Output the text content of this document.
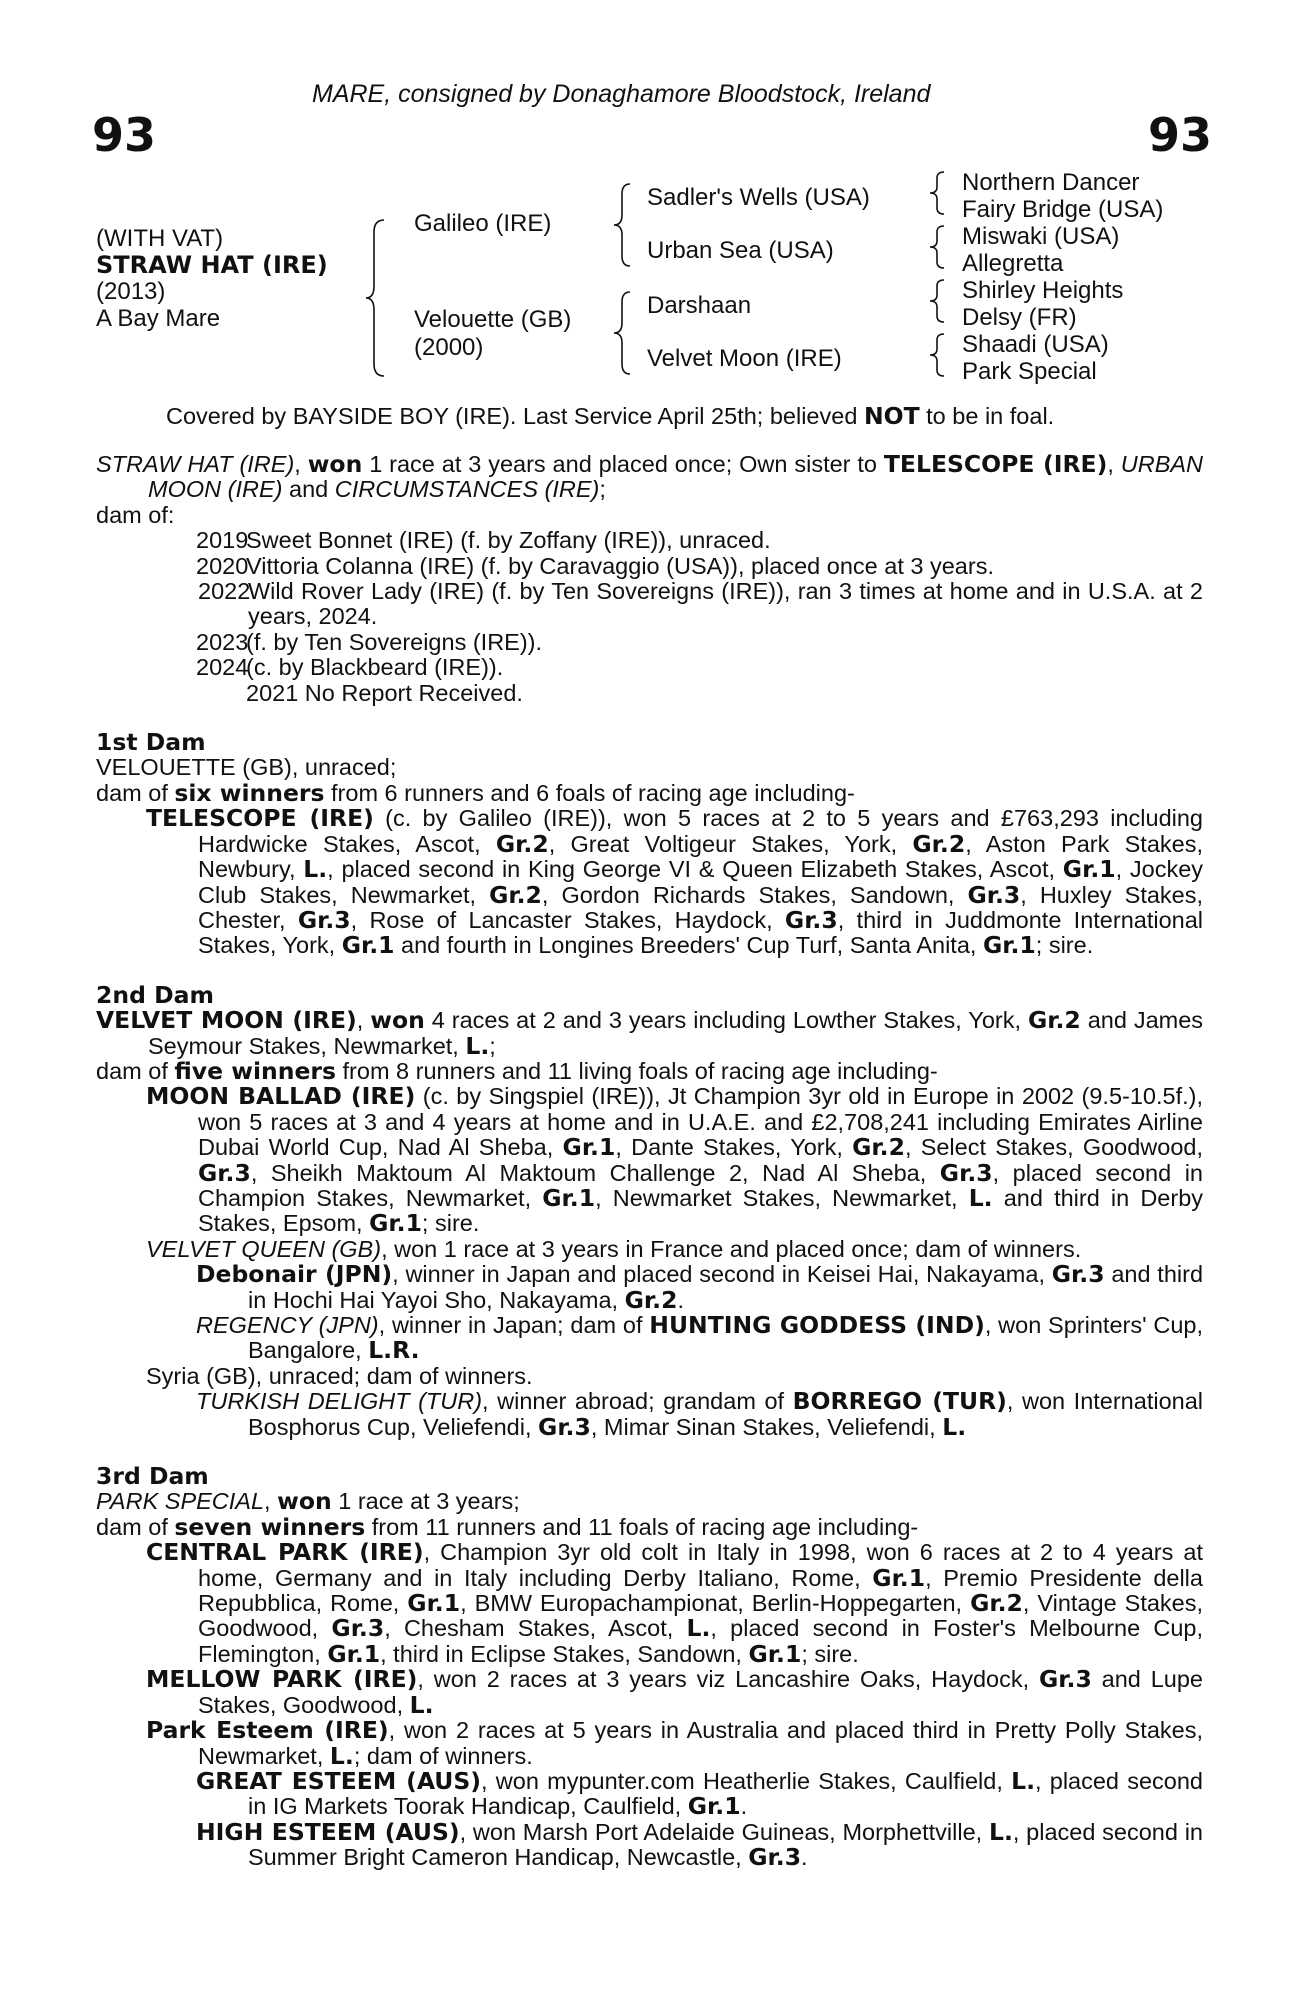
MARE, consigned by Donaghamore Bloodstock, Ireland
93	93
(WITH VAT)
STRAW HAT (IRE)
(2013)
A Bay Mare
Galileo (IRE)
Velouette (GB)
(2000)
Sadler's Wells (USA)
Urban Sea (USA)
Darshaan
Velvet Moon (IRE)
Northern Dancer
Fairy Bridge (USA)
Miswaki (USA)
Allegretta
Shirley Heights
Delsy (FR)
Shaadi (USA)
Park Special
Covered by BAYSIDE BOY (IRE). Last Service April 25th; believed NOT to be in foal.
STRAW HAT (IRE), won 1 race at 3 years and placed once; Own sister to TELESCOPE (IRE), URBAN MOON (IRE) and CIRCUMSTANCES (IRE);
dam of:
2019Sweet Bonnet (IRE) (f. by Zoffany (IRE)), unraced.
2020Vittoria Colanna (IRE) (f. by Caravaggio (USA)), placed once at 3 years.
2022Wild Rover Lady (IRE) (f. by Ten Sovereigns (IRE)), ran 3 times at home and in U.S.A. at 2 years, 2024.
2023(f. by Ten Sovereigns (IRE)).
2024(c. by Blackbeard (IRE)).
2021 No Report Received.
1st Dam
VELOUETTE (GB), unraced;
dam of six winners from 6 runners and 6 foals of racing age including-
TELESCOPE (IRE) (c. by Galileo (IRE)), won 5 races at 2 to 5 years and £763,293 including Hardwicke Stakes, Ascot, Gr.2, Great Voltigeur Stakes, York, Gr.2, Aston Park Stakes, Newbury, L., placed second in King George VI & Queen Elizabeth Stakes, Ascot, Gr.1, Jockey Club Stakes, Newmarket, Gr.2, Gordon Richards Stakes, Sandown, Gr.3, Huxley Stakes, Chester, Gr.3, Rose of Lancaster Stakes, Haydock, Gr.3, third in Juddmonte International Stakes, York, Gr.1 and fourth in Longines Breeders' Cup Turf, Santa Anita, Gr.1; sire.
2nd Dam
VELVET MOON (IRE), won 4 races at 2 and 3 years including Lowther Stakes, York, Gr.2 and James Seymour Stakes, Newmarket, L.;
dam of five winners from 8 runners and 11 living foals of racing age including-
MOON BALLAD (IRE) (c. by Singspiel (IRE)), Jt Champion 3yr old in Europe in 2002 (9.5-10.5f.), won 5 races at 3 and 4 years at home and in U.A.E. and £2,708,241 including Emirates Airline Dubai World Cup, Nad Al Sheba, Gr.1, Dante Stakes, York, Gr.2, Select Stakes, Goodwood, Gr.3, Sheikh Maktoum Al Maktoum Challenge 2, Nad Al Sheba, Gr.3, placed second in Champion Stakes, Newmarket, Gr.1, Newmarket Stakes, Newmarket, L. and third in Derby Stakes, Epsom, Gr.1; sire.
VELVET QUEEN (GB), won 1 race at 3 years in France and placed once; dam of winners.
Debonair (JPN), winner in Japan and placed second in Keisei Hai, Nakayama, Gr.3 and third in Hochi Hai Yayoi Sho, Nakayama, Gr.2.
REGENCY (JPN), winner in Japan; dam of HUNTING GODDESS (IND), won Sprinters' Cup, Bangalore, L.R.
Syria (GB), unraced; dam of winners.
TURKISH DELIGHT (TUR), winner abroad; grandam of BORREGO (TUR), won International Bosphorus Cup, Veliefendi, Gr.3, Mimar Sinan Stakes, Veliefendi, L.
3rd Dam
PARK SPECIAL, won 1 race at 3 years;
dam of seven winners from 11 runners and 11 foals of racing age including-
CENTRAL PARK (IRE), Champion 3yr old colt in Italy in 1998, won 6 races at 2 to 4 years at home, Germany and in Italy including Derby Italiano, Rome, Gr.1, Premio Presidente della Repubblica, Rome, Gr.1, BMW Europachampionat, Berlin-Hoppegarten, Gr.2, Vintage Stakes, Goodwood, Gr.3, Chesham Stakes, Ascot, L., placed second in Foster's Melbourne Cup, Flemington, Gr.1, third in Eclipse Stakes, Sandown, Gr.1; sire.
MELLOW PARK (IRE), won 2 races at 3 years viz Lancashire Oaks, Haydock, Gr.3 and Lupe Stakes, Goodwood, L.
Park Esteem (IRE), won 2 races at 5 years in Australia and placed third in Pretty Polly Stakes, Newmarket, L.; dam of winners.
GREAT ESTEEM (AUS), won mypunter.com Heatherlie Stakes, Caulfield, L., placed second in IG Markets Toorak Handicap, Caulfield, Gr.1.
HIGH ESTEEM (AUS), won Marsh Port Adelaide Guineas, Morphettville, L., placed second in Summer Bright Cameron Handicap, Newcastle, Gr.3.
